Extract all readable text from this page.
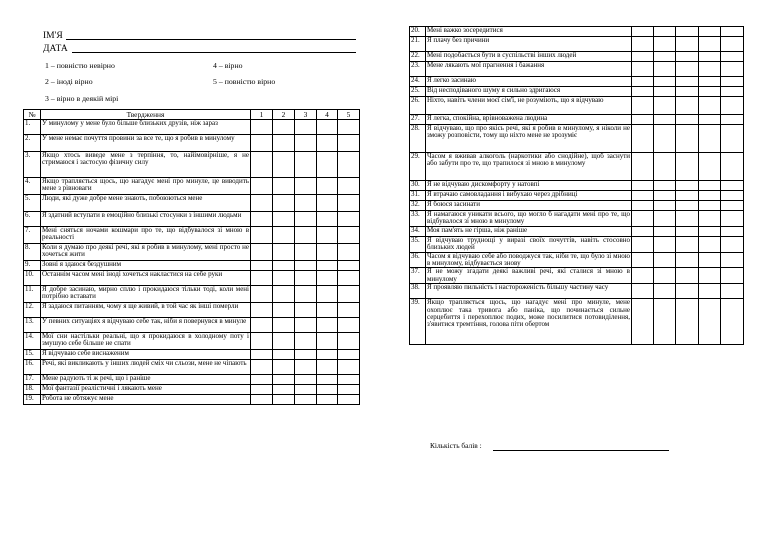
ІМ'Я
ДАТА
1 – повністю невірно	4 – вірно
2 – іноді вірно	5 – повністю вірно
3 – вірно в деякій мірі
№	Твердження	1	2	3	4	5
1.	У минулому у мене було більше близьких друзів, ніж зараз					
2.	У мене немає почуття провини за все те, що я робив в минулому					
3.	Якщо хтось виведе мене з терпіння, то, найімовірніше, я не стримаюся і застосую фізичну силу					
4.	Якщо трапляється щось, що нагадує мені про минуле, це виводить мене з рівноваги					
5.	Люди, які дуже добре мене знають, побоюються мене					
6.	Я здатний вступати в емоційно близькі стосунки з іншими людьми					
7.	Мені сняться ночами кошмари про те, що відбувалося зі мною в реальності					
8.	Коли я думаю про деякі речі, які я робив в минулому, мені просто не хочеться жити					
9.	Зовні я здаюся бездушним					
10.	Останнім часом мені іноді хочеться накластися на себе руки					
11.	Я добре засинаю, мирно сплю і прокидаюся тільки тоді, коли мені потрібно вставати					
12.	Я задаюся питанням, чому я ще живий, в той час як інші померли					
13.	У певних ситуаціях я відчуваю себе так, ніби я повернувся в минуле					
14.	Мої сни настільки реальні, що я прокидаюся в холодному поту і змушую себе більше не спати					
15.	Я відчуваю себе виснаженим					
16.	Речі, які викликають у інших людей сміх чи сльози, мене не чіпають					
17.	Мене радують ті ж речі, що і раніше					
18.	Мої фантазії реалістичні і лякають мене					
19.	Робота не обтяжує мене					
20.	Мені важко зосередитися					
21.	Я плачу без причини					
22.	Мені подобається бути в суспільстві інших людей					
23.	Мене лякають мої прагнення і бажання					
24.	Я легко засинаю					
25.	Від несподіваного шуму я сильно здригаюся					
26.	Ніхто, навіть члени моєї сім'ї, не розуміють, що я відчуваю					
27.	Я легка, спокійна, врівноважена людина					
28.	Я відчуваю, що про якісь речі, які я робив в минулому, я ніколи не зможу розповісти, тому що ніхто мене не зрозуміє					
29.	Часом я вживав алкоголь (наркотики або снодійне), щоб заснути або забути про те, що трапилося зі мною в минулому					
30.	Я не відчуваю дискомфорту у натовпі					
31.	Я втрачаю самовладання і вибухаю через дрібниці					
32.	Я боюся засинати					
33.	Я намагаюся уникати всього, що могло б нагадати мені про те, що відбувалося зі мною в минулому					
34.	Моя пам'ять не гірша, ніж раніше					
35.	Я відчуваю труднощі у виразі своїх почуттів, навіть стосовно близьких людей					
36.	Часом я відчуваю себе або поводжуся так, ніби те, що було зі мною в минулому, відбувається знову					
37.	Я не можу згадати деякі важливі речі, які сталися зі мною в минулому					
38.	Я проявляю пильність і настороженість більшу частину часу					
39.	Якщо трапляється щось, що нагадує мені про минуле, мене охоплює така тривога або паніка, що починається сильне серцебиття і перехоплює подих, може посилитися потовиділення, з'явитися тремтіння, голова піти обертом					
Кількість балів :
